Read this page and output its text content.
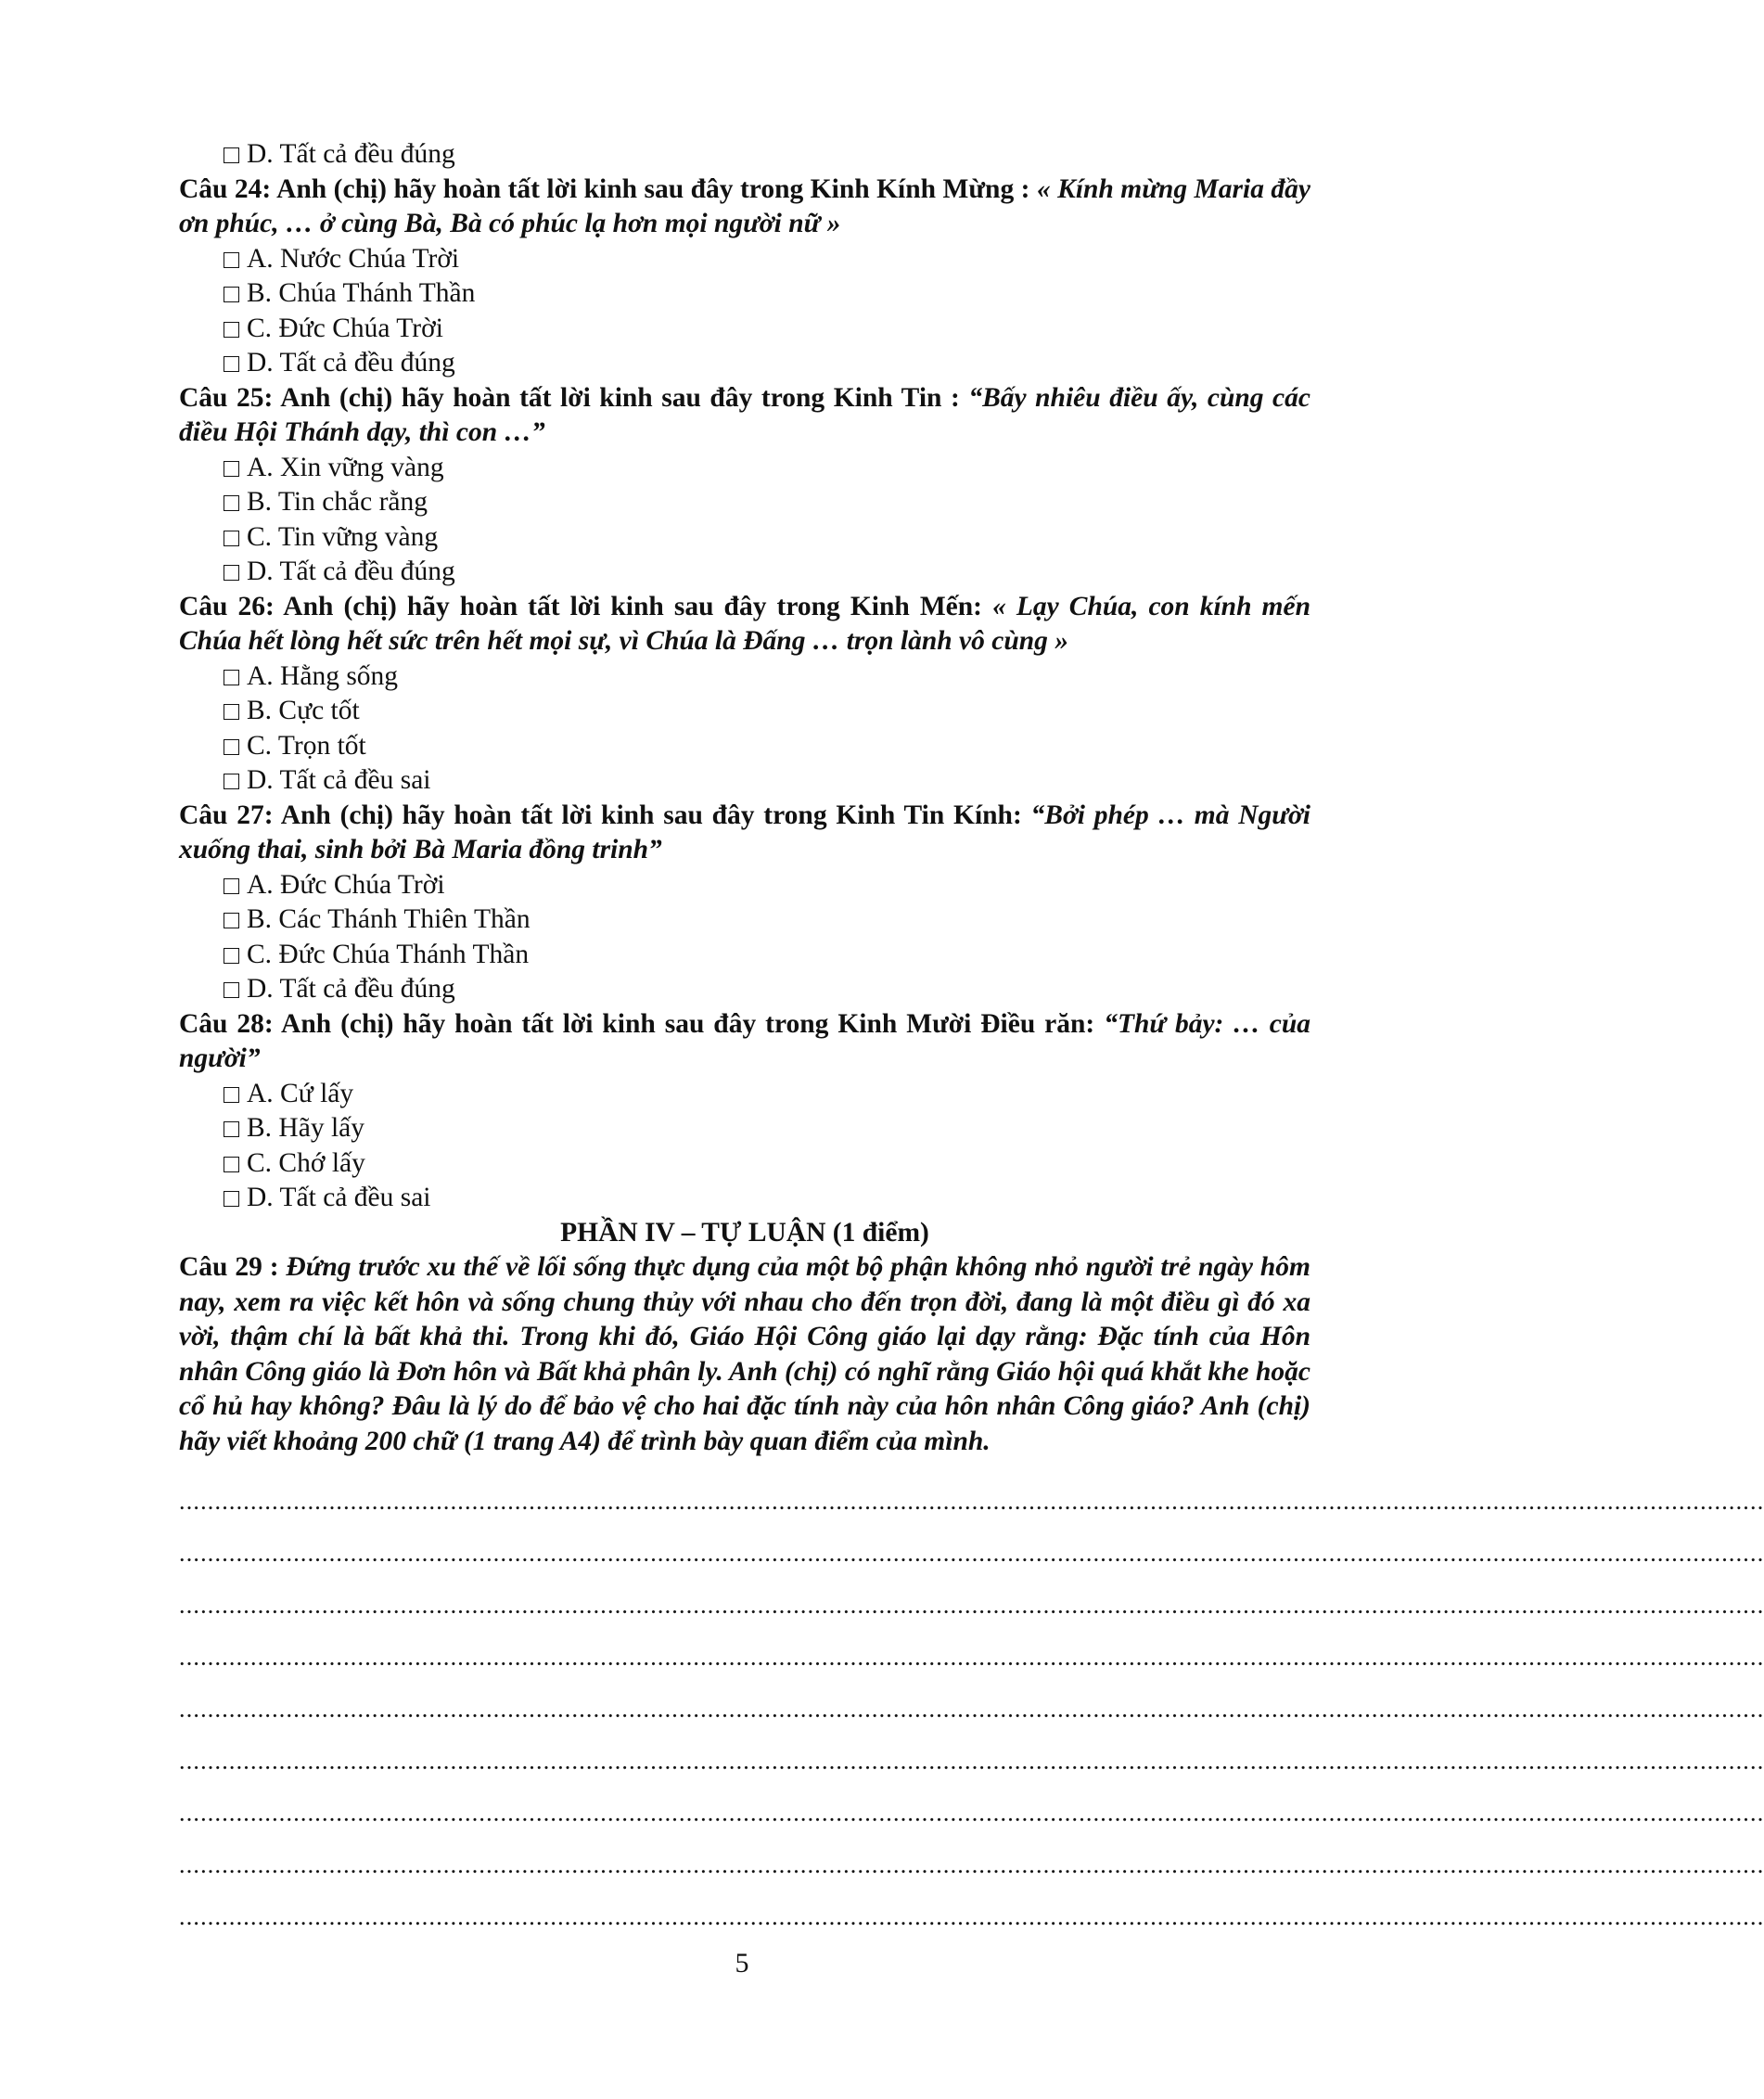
D. Tất cả đều đúng
Câu 24: Anh (chị) hãy hoàn tất lời kinh sau đây trong Kinh Kính Mừng : « Kính mừng Maria đầy ơn phúc, … ở cùng Bà, Bà có phúc lạ hơn mọi người nữ »
A. Nước Chúa Trời
B. Chúa Thánh Thần
C. Đức Chúa Trời
D. Tất cả đều đúng
Câu 25: Anh (chị) hãy hoàn tất lời kinh sau đây trong Kinh Tin : “Bấy nhiêu điều ấy, cùng các điều Hội Thánh dạy, thì con …”
A. Xin vững vàng
B. Tin chắc rằng
C. Tin vững vàng
D. Tất cả đều đúng
Câu 26: Anh (chị) hãy hoàn tất lời kinh sau đây trong Kinh Mến: « Lạy Chúa, con kính mến Chúa hết lòng hết sức trên hết mọi sự, vì Chúa là Đấng … trọn lành vô cùng »
A. Hằng sống
B. Cực tốt
C. Trọn tốt
D. Tất cả đều sai
Câu 27: Anh (chị) hãy hoàn tất lời kinh sau đây trong Kinh Tin Kính: “Bởi phép … mà Người xuống thai, sinh bởi Bà Maria đồng trinh”
A. Đức Chúa Trời
B. Các Thánh Thiên Thần
C. Đức Chúa Thánh Thần
D. Tất cả đều đúng
Câu 28: Anh (chị) hãy hoàn tất lời kinh sau đây trong Kinh Mười Điều răn: “Thứ bảy: … của người”
A. Cứ lấy
B. Hãy lấy
C. Chớ lấy
D. Tất cả đều sai
PHẦN IV – TỰ LUẬN (1 điểm)
Câu 29 : Đứng trước xu thế về lối sống thực dụng của một bộ phận không nhỏ người trẻ ngày hôm nay, xem ra việc kết hôn và sống chung thủy với nhau cho đến trọn đời, đang là một điều gì đó xa vời, thậm chí là bất khả thi. Trong khi đó, Giáo Hội Công giáo lại dạy rằng: Đặc tính của Hôn nhân Công giáo là Đơn hôn và Bất khả phân ly. Anh (chị) có nghĩ rằng Giáo hội quá khắt khe hoặc cổ hủ hay không? Đâu là lý do để bảo vệ cho hai đặc tính này của hôn nhân Công giáo? Anh (chị) hãy viết khoảng 200 chữ (1 trang A4) để trình bày quan điểm của mình.
..............................................................................................................................................................................................................................
..............................................................................................................................................................................................................................
..............................................................................................................................................................................................................................
..............................................................................................................................................................................................................................
..............................................................................................................................................................................................................................
..............................................................................................................................................................................................................................
..............................................................................................................................................................................................................................
..............................................................................................................................................................................................................................
..............................................................................................................................................................................................................................
5
